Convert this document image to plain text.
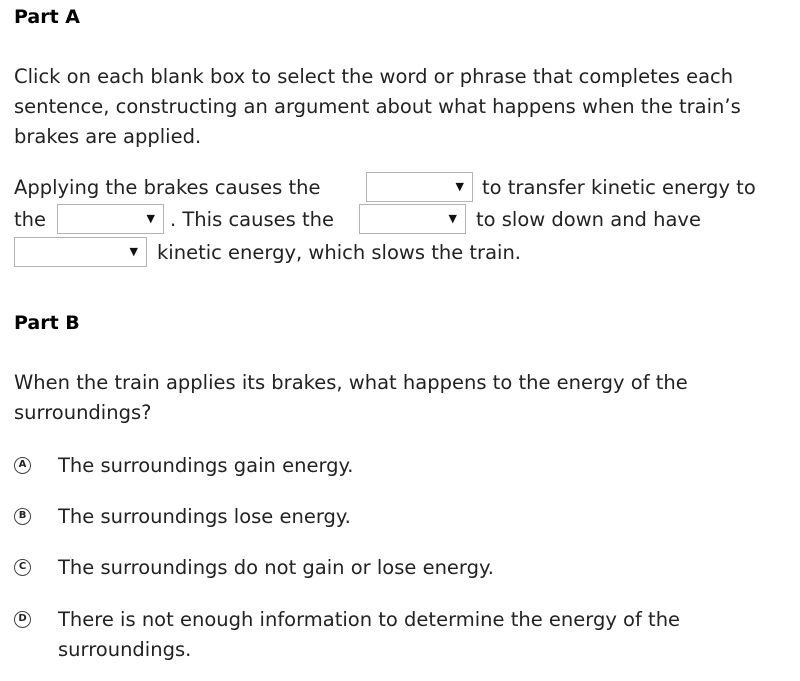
Part A

Click on each blank box to select the word or phrase that completes each sentence, constructing an argument about what happens when the train’s brakes are applied.

Applying the brakes causes the	▼ to transfer kinetic energy to
the	▼ . This causes the	▼ to slow down and have
▼ kinetic energy, which slows the train.
Part B

When the train applies its brakes, what happens to the energy of the surroundings?

A The surroundings gain energy.
B The surroundings lose energy.
C The surroundings do not gain or lose energy.
D There is not enough information to determine the energy of the surroundings.
